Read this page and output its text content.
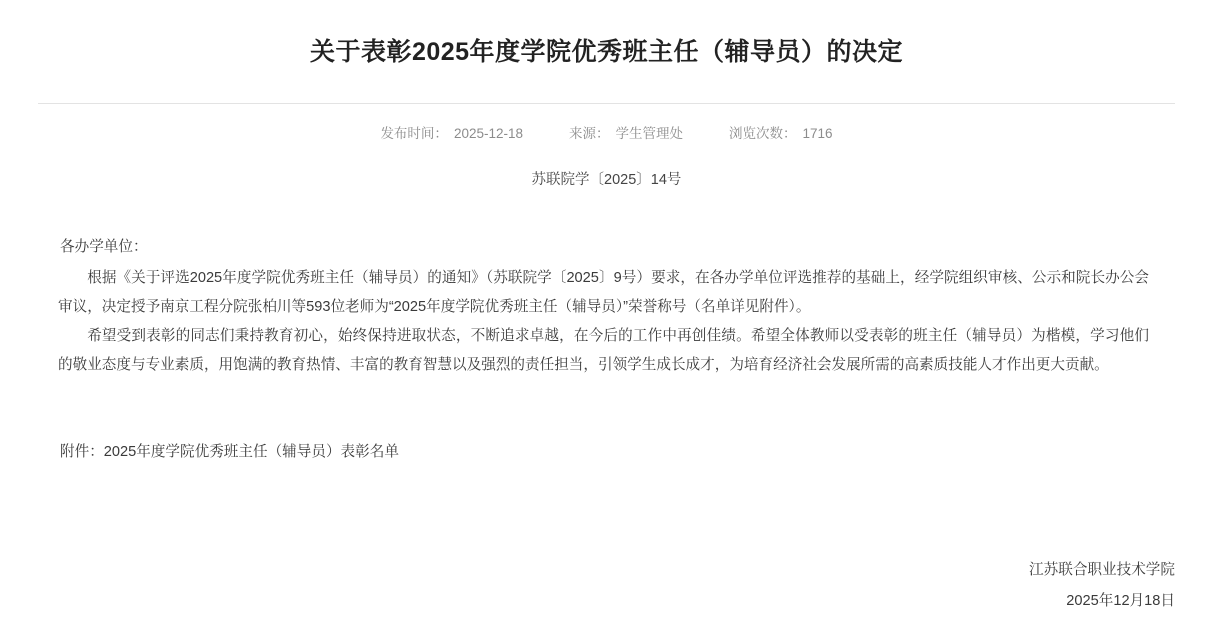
关于表彰2025年度学院优秀班主任（辅导员）的决定
发布时间： 2025-12-18	来源： 学生管理处	浏览次数： 1716
苏联院学〔2025〕14号

各办学单位：

根据《关于评选2025年度学院优秀班主任（辅导员）的通知》（苏联院学〔2025〕9号）要求，在各办学单位评选推荐的基础上，经学院组织审核、公示和院长办公会审议，决定授予南京工程分院张柏川等593位老师为“2025年度学院优秀班主任（辅导员）”荣誉称号（名单详见附件）。

希望受到表彰的同志们秉持教育初心，始终保持进取状态，不断追求卓越，在今后的工作中再创佳绩。希望全体教师以受表彰的班主任（辅导员）为楷模，学习他们的敬业态度与专业素质，用饱满的教育热情、丰富的教育智慧以及强烈的责任担当，引领学生成长成才，为培育经济社会发展所需的高素质技能人才作出更大贡献。

附件：2025年度学院优秀班主任（辅导员）表彰名单
江苏联合职业技术学院
2025年12月18日
